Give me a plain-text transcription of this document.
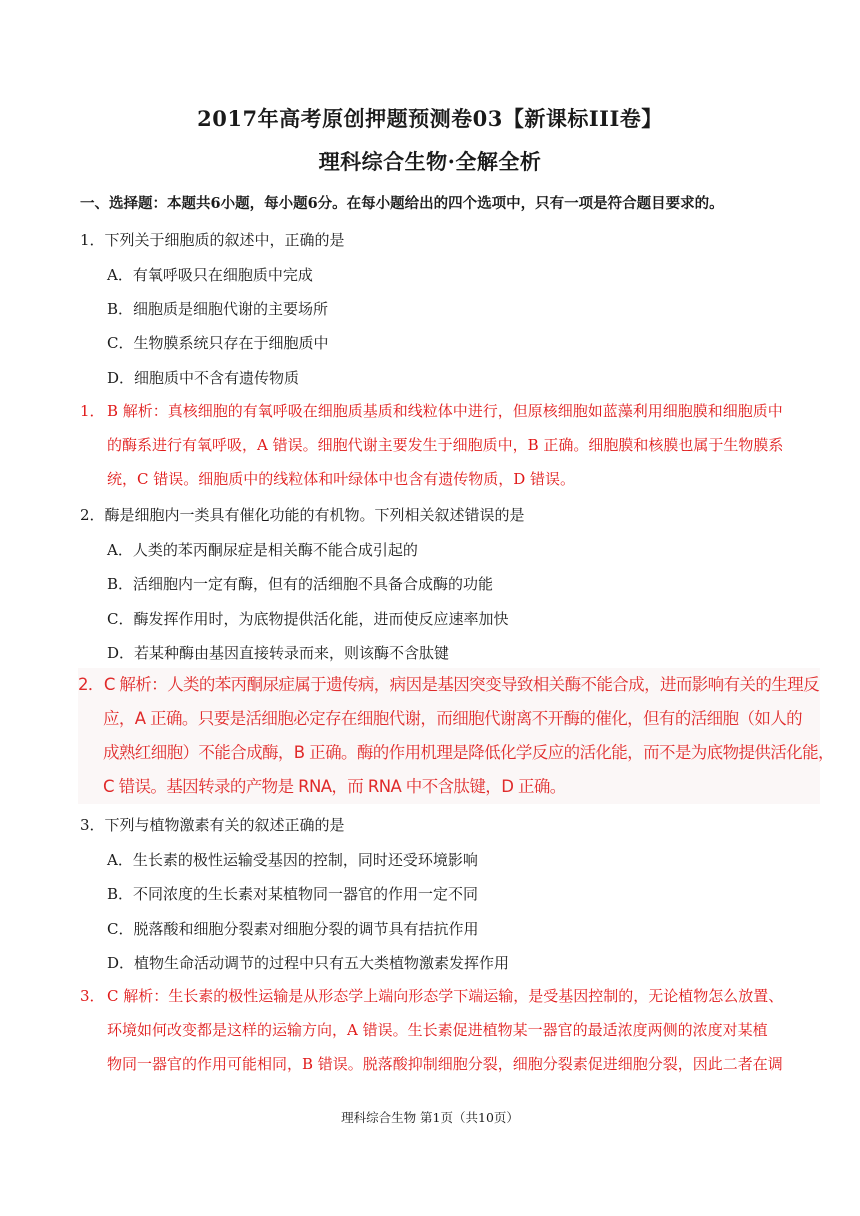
2017年高考原创押题预测卷03【新课标III卷】
理科综合生物·全解全析
一、选择题：本题共6小题，每小题6分。在每小题给出的四个选项中，只有一项是符合题目要求的。
1．下列关于细胞质的叙述中，正确的是
A．有氧呼吸只在细胞质中完成
B．细胞质是细胞代谢的主要场所
C．生物膜系统只存在于细胞质中
D．细胞质中不含有遗传物质
1． B 解析：真核细胞的有氧呼吸在细胞质基质和线粒体中进行，但原核细胞如蓝藻利用细胞膜和细胞质中
的酶系进行有氧呼吸，A 错误。细胞代谢主要发生于细胞质中，B 正确。细胞膜和核膜也属于生物膜系
统，C 错误。细胞质中的线粒体和叶绿体中也含有遗传物质，D 错误。
2．酶是细胞内一类具有催化功能的有机物。下列相关叙述错误的是
A．人类的苯丙酮尿症是相关酶不能合成引起的
B．活细胞内一定有酶，但有的活细胞不具备合成酶的功能
C．酶发挥作用时，为底物提供活化能，进而使反应速率加快
D．若某种酶由基因直接转录而来，则该酶不含肽键
2．C 解析：人类的苯丙酮尿症属于遗传病，病因是基因突变导致相关酶不能合成，进而影响有关的生理反
应，A 正确。只要是活细胞必定存在细胞代谢，而细胞代谢离不开酶的催化，但有的活细胞（如人的
成熟红细胞）不能合成酶，B 正确。酶的作用机理是降低化学反应的活化能，而不是为底物提供活化能，
C 错误。基因转录的产物是 RNA，而 RNA 中不含肽键，D 正确。
3．下列与植物激素有关的叙述正确的是
A．生长素的极性运输受基因的控制，同时还受环境影响
B．不同浓度的生长素对某植物同一器官的作用一定不同
C．脱落酸和细胞分裂素对细胞分裂的调节具有拮抗作用
D．植物生命活动调节的过程中只有五大类植物激素发挥作用
3． C 解析：生长素的极性运输是从形态学上端向形态学下端运输，是受基因控制的，无论植物怎么放置、
环境如何改变都是这样的运输方向，A 错误。生长素促进植物某一器官的最适浓度两侧的浓度对某植
物同一器官的作用可能相同，B 错误。脱落酸抑制细胞分裂，细胞分裂素促进细胞分裂，因此二者在调
理科综合生物 第1页（共10页）
